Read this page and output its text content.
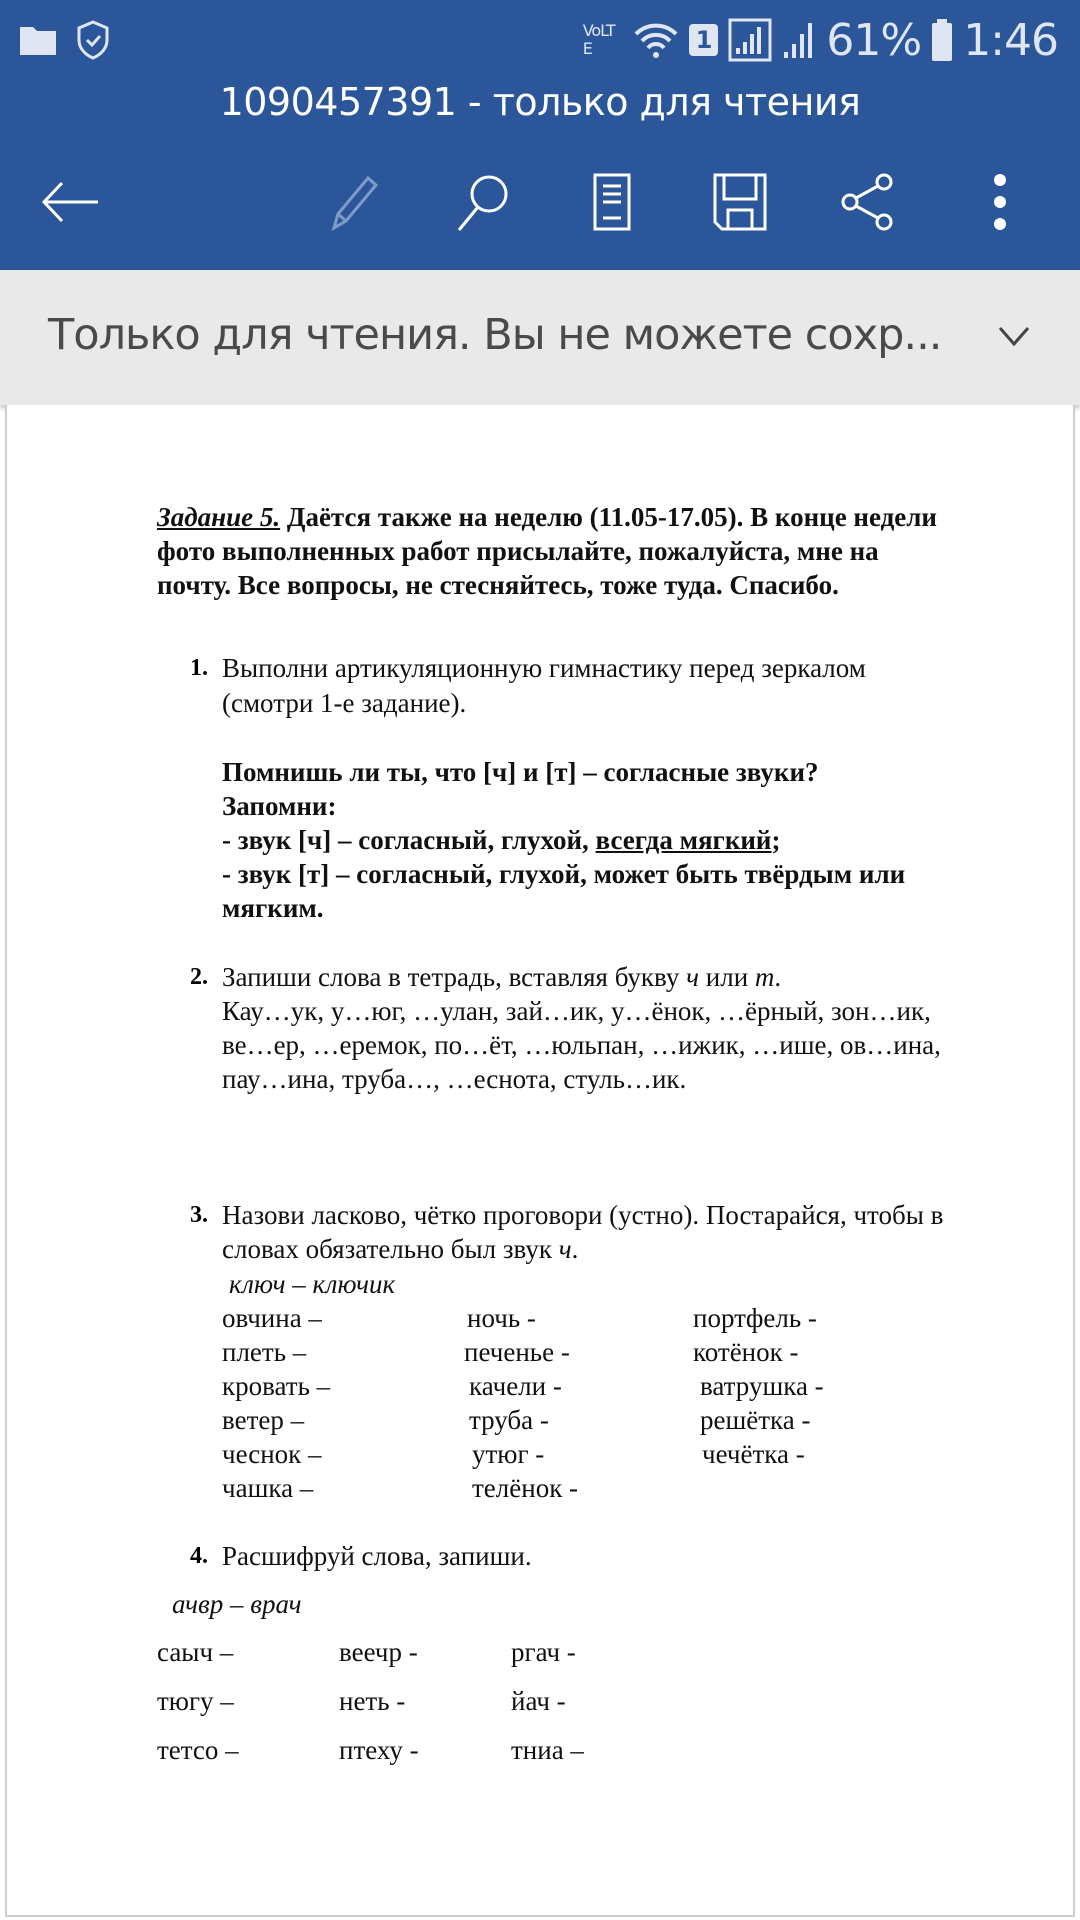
VoLTE	1	61% 1:46
1090457391 - только для чтения
Только для чтения. Вы не можете сохр...
Задание 5. Даётся также на неделю (11.05-17.05). В конце недели
фото выполненных работ присылайте, пожалуйста, мне на
почту. Все вопросы, не стесняйтесь, тоже туда. Спасибо.
1. Выполни артикуляционную гимнастику перед зеркалом
(смотри 1-е задание).
Помнишь ли ты, что [ч] и [т] – согласные звуки?
Запомни:
- звук [ч] – согласный, глухой, всегда мягкий;
- звук [т] – согласный, глухой, может быть твёрдым или
мягким.
2. Запиши слова в тетрадь, вставляя букву ч или т.
Кау…ук, у…юг, …улан, зай…ик, у…ёнок, …ёрный, зон…ик,
ве…ер, …еремок, по…ёт, …юльпан, …ижик, …ише, ов…ина,
пау…ина, труба…, …еснота, стуль…ик.
3. Назови ласково, чётко проговори (устно). Постарайся, чтобы в
словах обязательно был звук ч.
ключ – ключик
4. Расшифруй слова, запиши.
ачвр – врач
овчина –
плеть –
кровать –
ветер –
чеснок –
чашка –
ночь -
печенье -
качели -
труба -
утюг -
телёнок -
портфель -
котёнок -
ватрушка -
решётка -
чечётка -
саыч –
тюгу –
тетсо –
веечр -
неть -
птеху -
ргач -
йач -
тниа –
